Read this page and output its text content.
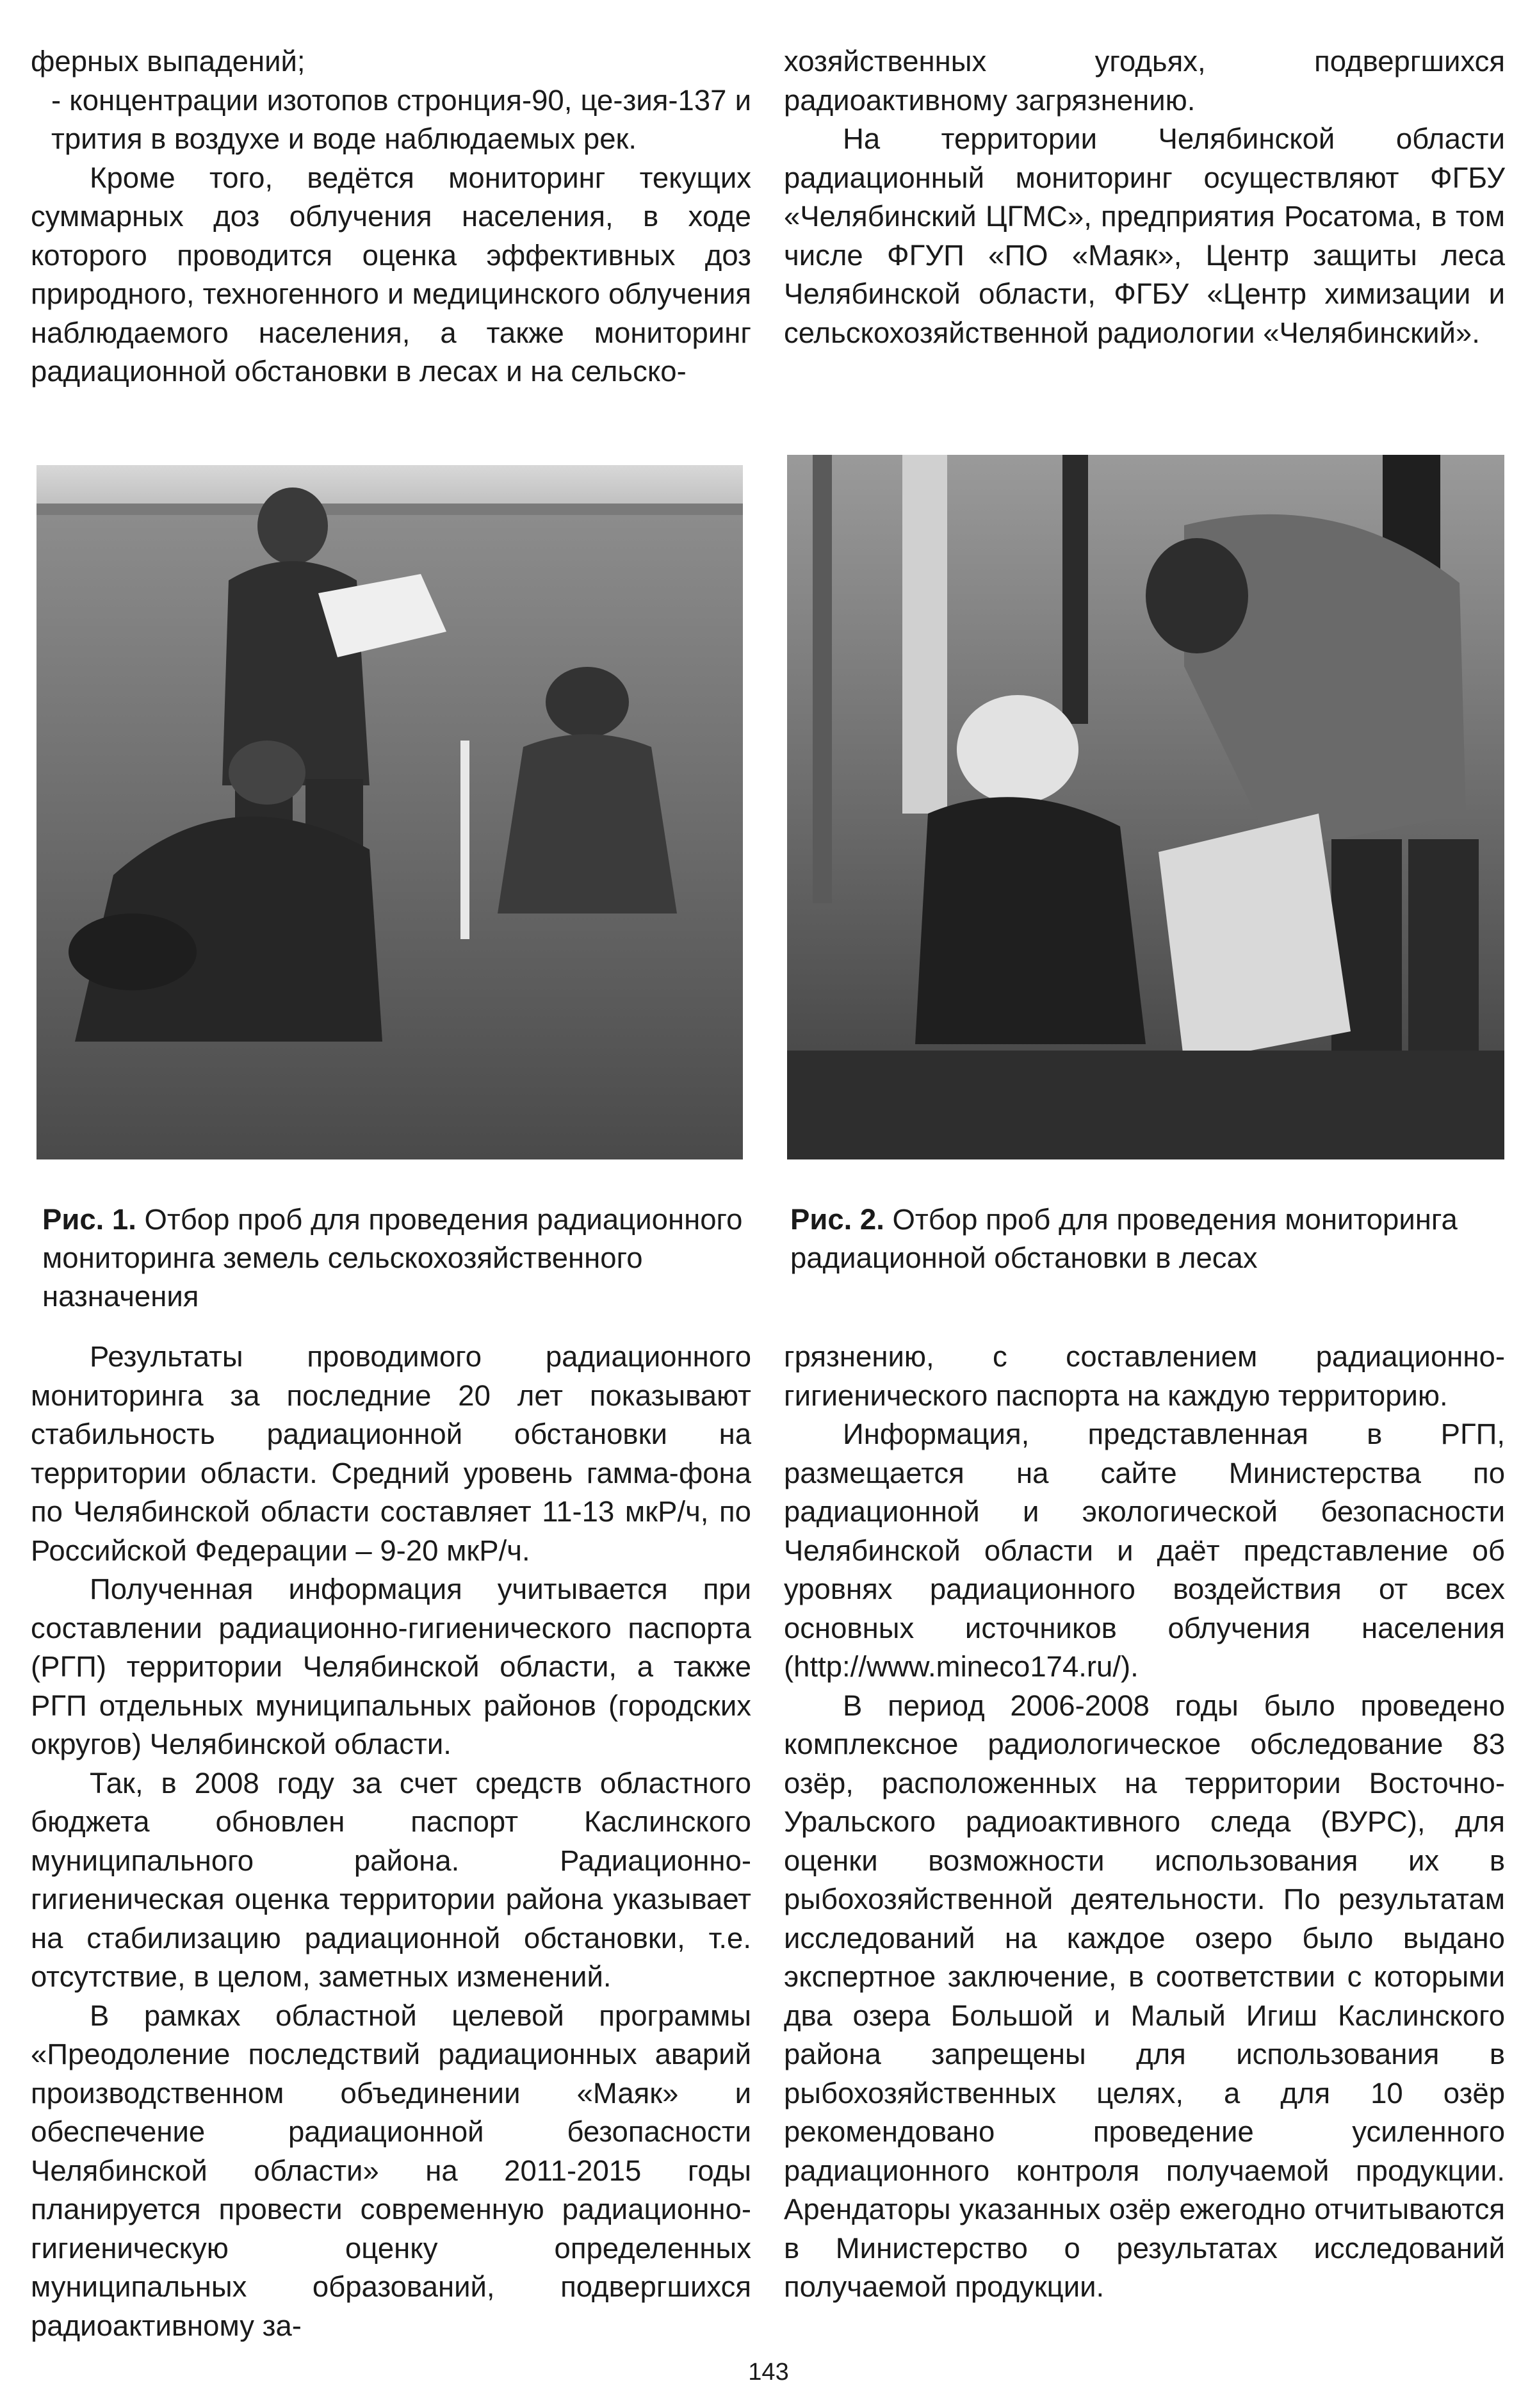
ферных выпадений;

- концентрации изотопов стронция-90, це-зия-137 и трития в воздухе и воде наблюдаемых рек.

Кроме того, ведётся мониторинг текущих суммарных доз облучения населения, в ходе которого проводится оценка эффективных доз природного, техногенного и медицинского облучения наблюдаемого населения, а также мониторинг радиационной обстановки в лесах и на сельско-

хозяйственных угодьях, подвергшихся радиоактивному загрязнению.

На территории Челябинской области радиационный мониторинг осуществляют ФГБУ «Челябинский ЦГМС», предприятия Росатома, в том числе ФГУП «ПО «Маяк», Центр защиты леса Челябинской области, ФГБУ «Центр химизации и сельскохозяйственной радиологии «Челябинский».

Рис. 1. Отбор проб для проведения радиационного мониторинга земель сельскохозяйственного назначения
Рис. 2. Отбор проб для проведения мониторинга радиационной обстановки в лесах

Результаты проводимого радиационного мониторинга за последние 20 лет показывают стабильность радиационной обстановки на территории области. Средний уровень гамма-фона по Челябинской области составляет 11-13 мкР/ч, по Российской Федерации – 9-20 мкР/ч.

Полученная информация учитывается при составлении радиационно-гигиенического паспорта (РГП) территории Челябинской области, а также РГП отдельных муниципальных районов (городских округов) Челябинской области.

Так, в 2008 году за счет средств областного бюджета обновлен паспорт Каслинского муниципального района. Радиационно-гигиеническая оценка территории района указывает на стабилизацию радиационной обстановки, т.е. отсутствие, в целом, заметных изменений.

В рамках областной целевой программы «Преодоление последствий радиационных аварий производственном объединении «Маяк» и обеспечение радиационной безопасности Челябинской области» на 2011-2015 годы планируется провести современную радиационно-гигиеническую оценку определенных муниципальных образований, подвергшихся радиоактивному за-

грязнению, с составлением радиационно-гигиенического паспорта на каждую территорию.

Информация, представленная в РГП, размещается на сайте Министерства по радиационной и экологической безопасности Челябинской области и даёт представление об уровнях радиационного воздействия от всех основных источников облучения населения (http://www.mineco174.ru/).

В период 2006-2008 годы было проведено комплексное радиологическое обследование 83 озёр, расположенных на территории Восточно-Уральского радиоактивного следа (ВУРС), для оценки возможности использования их в рыбохозяйственной деятельности. По результатам исследований на каждое озеро было выдано экспертное заключение, в соответствии с которыми два озера Большой и Малый Игиш Каслинского района запрещены для использования в рыбохозяйственных целях, а для 10 озёр рекомендовано проведение усиленного радиационного контроля получаемой продукции. Арендаторы указанных озёр ежегодно отчитываются в Министерство о результатах исследований получаемой продукции.

143
